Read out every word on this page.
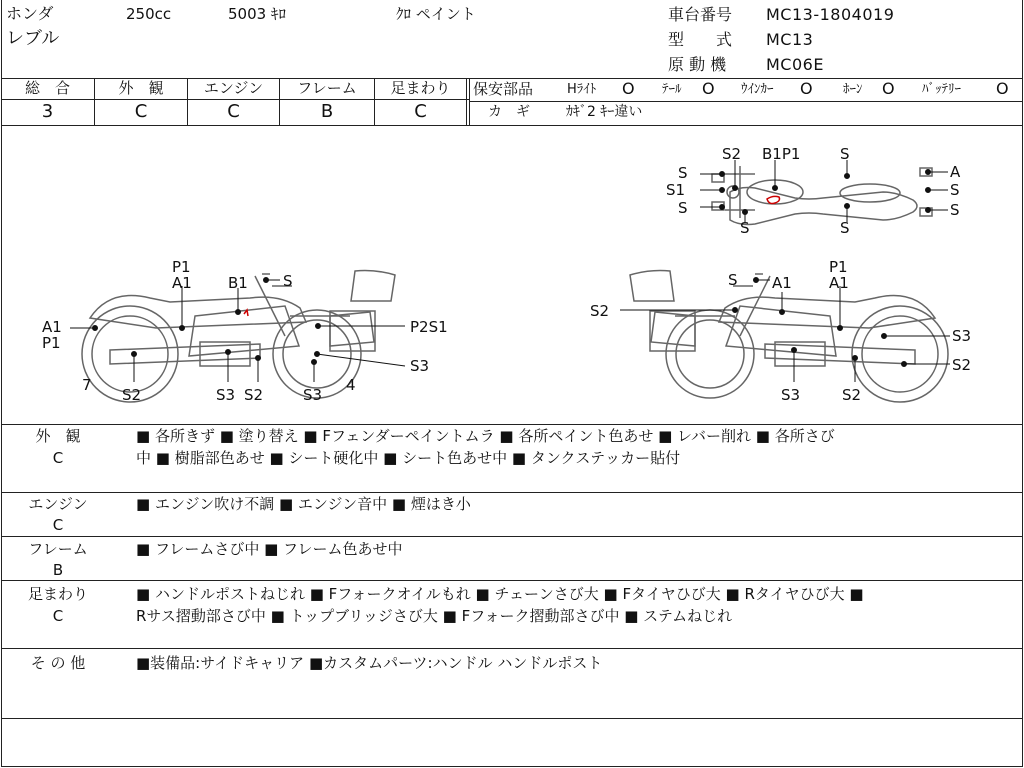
ホンダ
レブル
250cc	5003 ｷﾛ	ｸﾛ ペイント	車台番号 MC13-1804019
型　　式 MC13
原 動 機 MC06E
総　合
3
外　観
C
エンジン
C
フレーム
B
足まわり
C
保安部品	Hﾗｲﾄ O ﾃｰﾙ O ｳｲﾝｶｰ O ﾎｰﾝ O ﾊﾞｯﾃﾘｰ O
カ　ギ	ｶｷﾞ2 ｷｰ違い
S2 B1P1	S
S
S1
S
S	S
A
S
S
P1
A1 B1 S
A1
P1
P2S1
7
S2	S3 S2	S3
4
S3
S A1
P1
A1
S2
S3
S2
S3	S2
外　観
C
■ 各所きず ■ 塗り替え ■ Fフェンダーペイントムラ ■ 各所ペイント色あせ ■ レバー削れ ■ 各所さび
中 ■ 樹脂部色あせ ■ シート硬化中 ■ シート色あせ中 ■ タンクステッカー貼付
エンジン
C
■ エンジン吹け不調 ■ エンジン音中 ■ 煙はき小
フレーム
B
■ フレームさび中 ■ フレーム色あせ中
足まわり
C
■ ハンドルポストねじれ ■ Fフォークオイルもれ ■ チェーンさび大 ■ Fタイヤひび大 ■ Rタイヤひび大 ■
Rサス摺動部さび中 ■ トップブリッジさび大 ■ Fフォーク摺動部さび中 ■ ステムねじれ
そ の 他	■装備品:サイドキャリア ■カスタムパーツ:ハンドル ハンドルポスト
